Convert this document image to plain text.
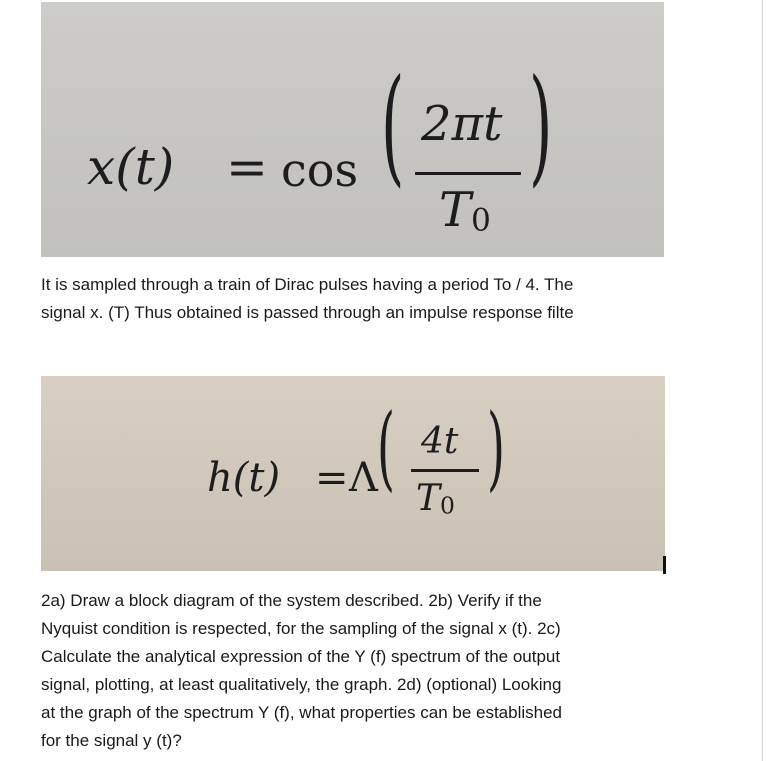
x(t) = cos ( 2πt
$T_0$
)
It is sampled through a train of Dirac pulses having a period To / 4. The
signal x. (T) Thus obtained is passed through an impulse response filte
h(t) = Λ ( 4t
$T_0$
)
2a) Draw a block diagram of the system described. 2b) Verify if the
Nyquist condition is respected, for the sampling of the signal x (t). 2c)
Calculate the analytical expression of the Y (f) spectrum of the output
signal, plotting, at least qualitatively, the graph. 2d) (optional) Looking
at the graph of the spectrum Y (f), what properties can be established
for the signal y (t)?
